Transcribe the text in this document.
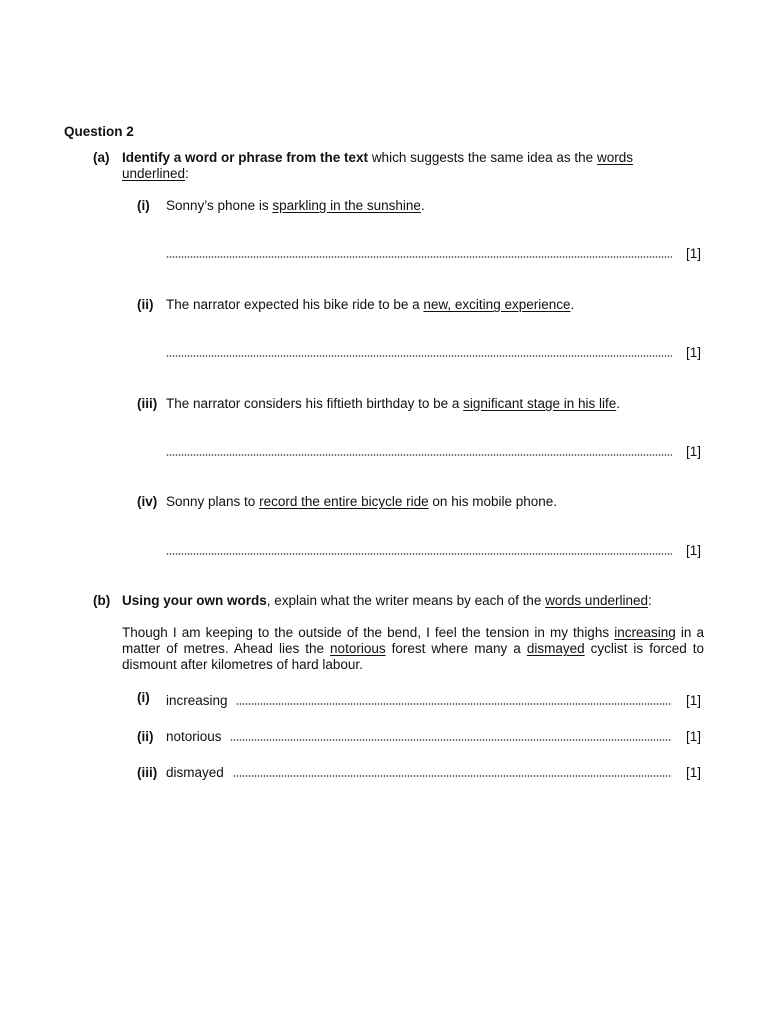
Question 2
(a) Identify a word or phrase from the text which suggests the same idea as the words
underlined:
(i) Sonny’s phone is sparkling in the sunshine.
[1]
(ii) The narrator expected his bike ride to be a new, exciting experience.
[1]
(iii) The narrator considers his fiftieth birthday to be a significant stage in his life.
[1]
(iv) Sonny plans to record the entire bicycle ride on his mobile phone.
[1]
(b) Using your own words, explain what the writer means by each of the words underlined:
Though I am keeping to the outside of the bend, I feel the tension in my thighs increasing in a matter of metres. Ahead lies the notorious forest where many a dismayed cyclist is forced to dismount after kilometres of hard labour.
(i) increasing	[1]
(ii) notorious	[1]
(iii) dismayed	[1]
